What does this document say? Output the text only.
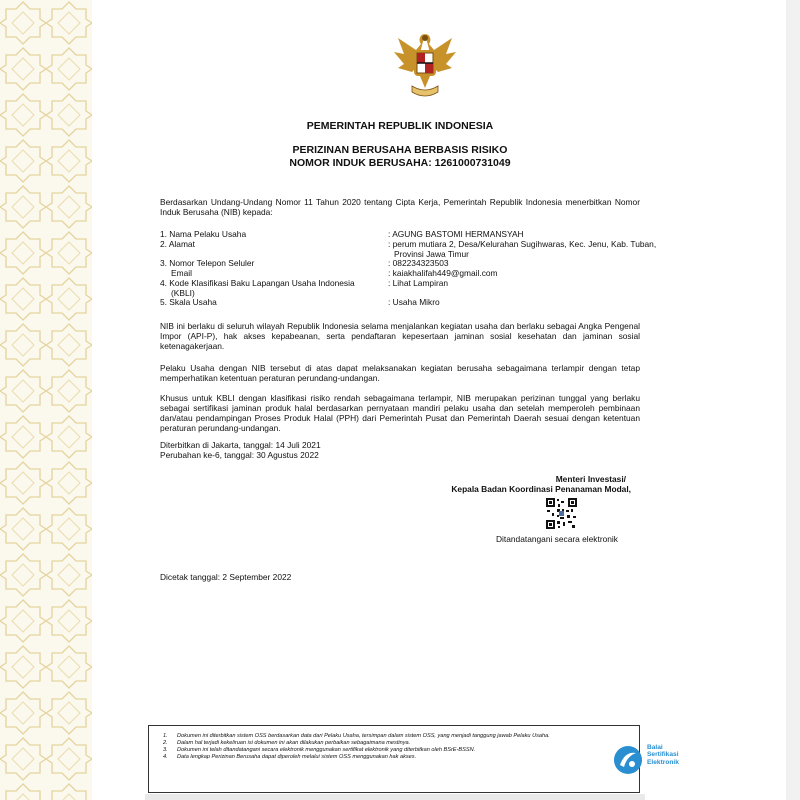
PEMERINTAH REPUBLIK INDONESIA
PERIZINAN BERUSAHA BERBASIS RISIKO
NOMOR INDUK BERUSAHA: 1261000731049
Berdasarkan Undang-Undang Nomor 11 Tahun 2020 tentang Cipta Kerja, Pemerintah Republik Indonesia menerbitkan Nomor Induk Berusaha (NIB) kepada:
1. Nama Pelaku Usaha	: AGUNG BASTOMI HERMANSYAH
2. Alamat	: perum mutiara 2, Desa/Kelurahan Sugihwaras, Kec. Jenu, Kab. Tuban,
Provinsi Jawa Timur
3. Nomor Telepon Seluler	: 082234323503
Email	: kaiakhalifah449@gmail.com
4. Kode Klasifikasi Baku Lapangan Usaha Indonesia
(KBLI)
: Lihat Lampiran
5. Skala Usaha	: Usaha Mikro
NIB ini berlaku di seluruh wilayah Republik Indonesia selama menjalankan kegiatan usaha dan berlaku sebagai Angka Pengenal Impor (API-P), hak akses kepabeanan, serta pendaftaran kepesertaan jaminan sosial kesehatan dan jaminan sosial ketenagakerjaan.
Pelaku Usaha dengan NIB tersebut di atas dapat melaksanakan kegiatan berusaha sebagaimana terlampir dengan tetap memperhatikan ketentuan peraturan perundang-undangan.
Khusus untuk KBLI dengan klasifikasi risiko rendah sebagaimana terlampir, NIB merupakan perizinan tunggal yang berlaku sebagai sertifikasi jaminan produk halal berdasarkan pernyataan mandiri pelaku usaha dan setelah memperoleh pembinaan dan/atau pendampingan Proses Produk Halal (PPH) dari Pemerintah Pusat dan Pemerintah Daerah sesuai dengan ketentuan peraturan perundang-undangan.
Diterbitkan di Jakarta, tanggal: 14 Juli 2021
Perubahan ke-6, tanggal: 30 Agustus 2022
Menteri Investasi/
Kepala Badan Koordinasi Penanaman Modal,
Ditandatangani secara elektronik
Dicetak tanggal: 2 September 2022
1. Dokumen ini diterbitkan sistem OSS berdasarkan data dari Pelaku Usaha, tersimpan dalam sistem OSS, yang menjadi tanggung jawab Pelaku Usaha.
2. Dalam hal terjadi kekeliruan isi dokumen ini akan dilakukan perbaikan sebagaimana mestinya.
3. Dokumen ini telah ditandatangani secara elektronik menggunakan sertifikat elektronik yang diterbitkan oleh BSrE-BSSN.
4. Data lengkap Perizinan Berusaha dapat diperoleh melalui sistem OSS menggunakan hak akses.
Balai
Sertifikasi
Elektronik
